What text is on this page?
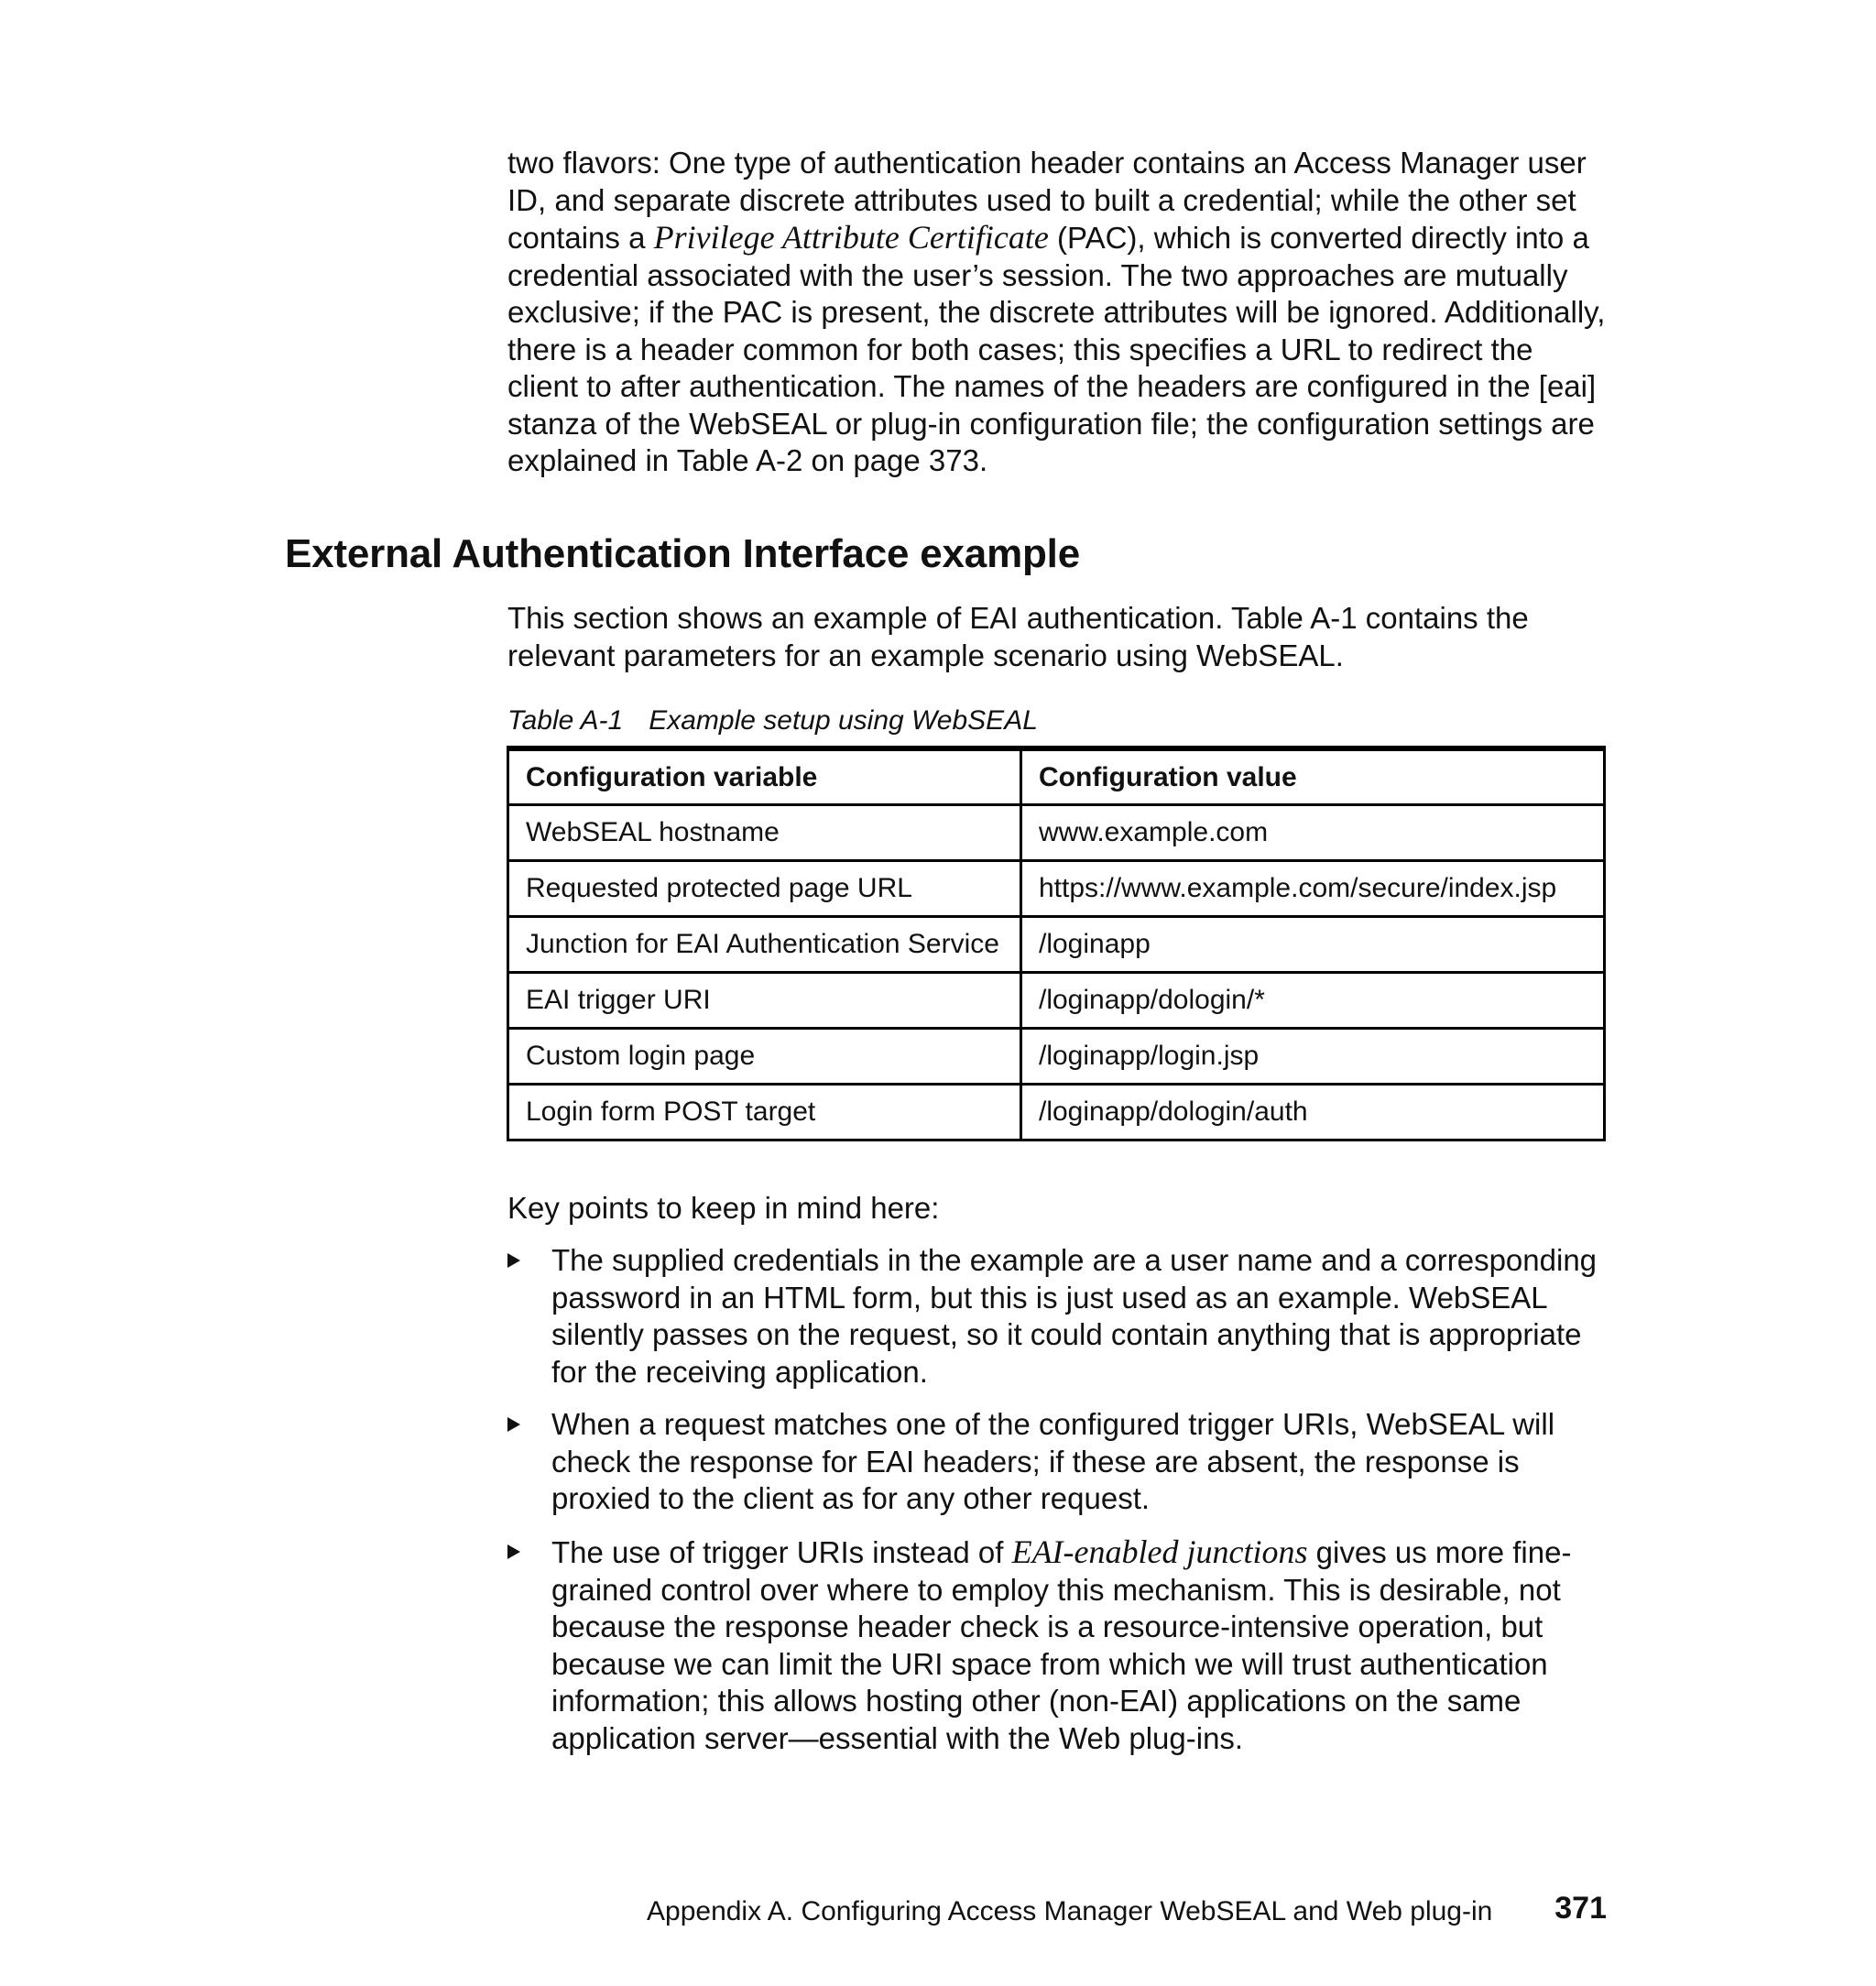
two flavors: One type of authentication header contains an Access Manager user ID, and separate discrete attributes used to built a credential; while the other set contains a Privilege Attribute Certificate (PAC), which is converted directly into a credential associated with the user’s session. The two approaches are mutually exclusive; if the PAC is present, the discrete attributes will be ignored. Additionally, there is a header common for both cases; this specifies a URL to redirect the client to after authentication. The names of the headers are configured in the [eai] stanza of the WebSEAL or plug-in configuration file; the configuration settings are explained in Table A-2 on page 373.

External Authentication Interface example

This section shows an example of EAI authentication. Table A-1 contains the relevant parameters for an example scenario using WebSEAL.

Table A-1 Example setup using WebSEAL

Configuration variable	Configuration value
WebSEAL hostname	www.example.com
Requested protected page URL	https://www.example.com/secure/index.jsp
Junction for EAI Authentication Service	/loginapp
EAI trigger URI	/loginapp/dologin/*
Custom login page	/loginapp/login.jsp
Login form POST target	/loginapp/dologin/auth

Key points to keep in mind here:

The supplied credentials in the example are a user name and a corresponding password in an HTML form, but this is just used as an example. WebSEAL silently passes on the request, so it could contain anything that is appropriate for the receiving application.

When a request matches one of the configured trigger URIs, WebSEAL will check the response for EAI headers; if these are absent, the response is proxied to the client as for any other request.

The use of trigger URIs instead of EAI-enabled junctions gives us more fine-grained control over where to employ this mechanism. This is desirable, not because the response header check is a resource-intensive operation, but because we can limit the URI space from which we will trust authentication information; this allows hosting other (non-EAI) applications on the same application server—essential with the Web plug-ins.

Appendix A. Configuring Access Manager WebSEAL and Web plug-in 371
